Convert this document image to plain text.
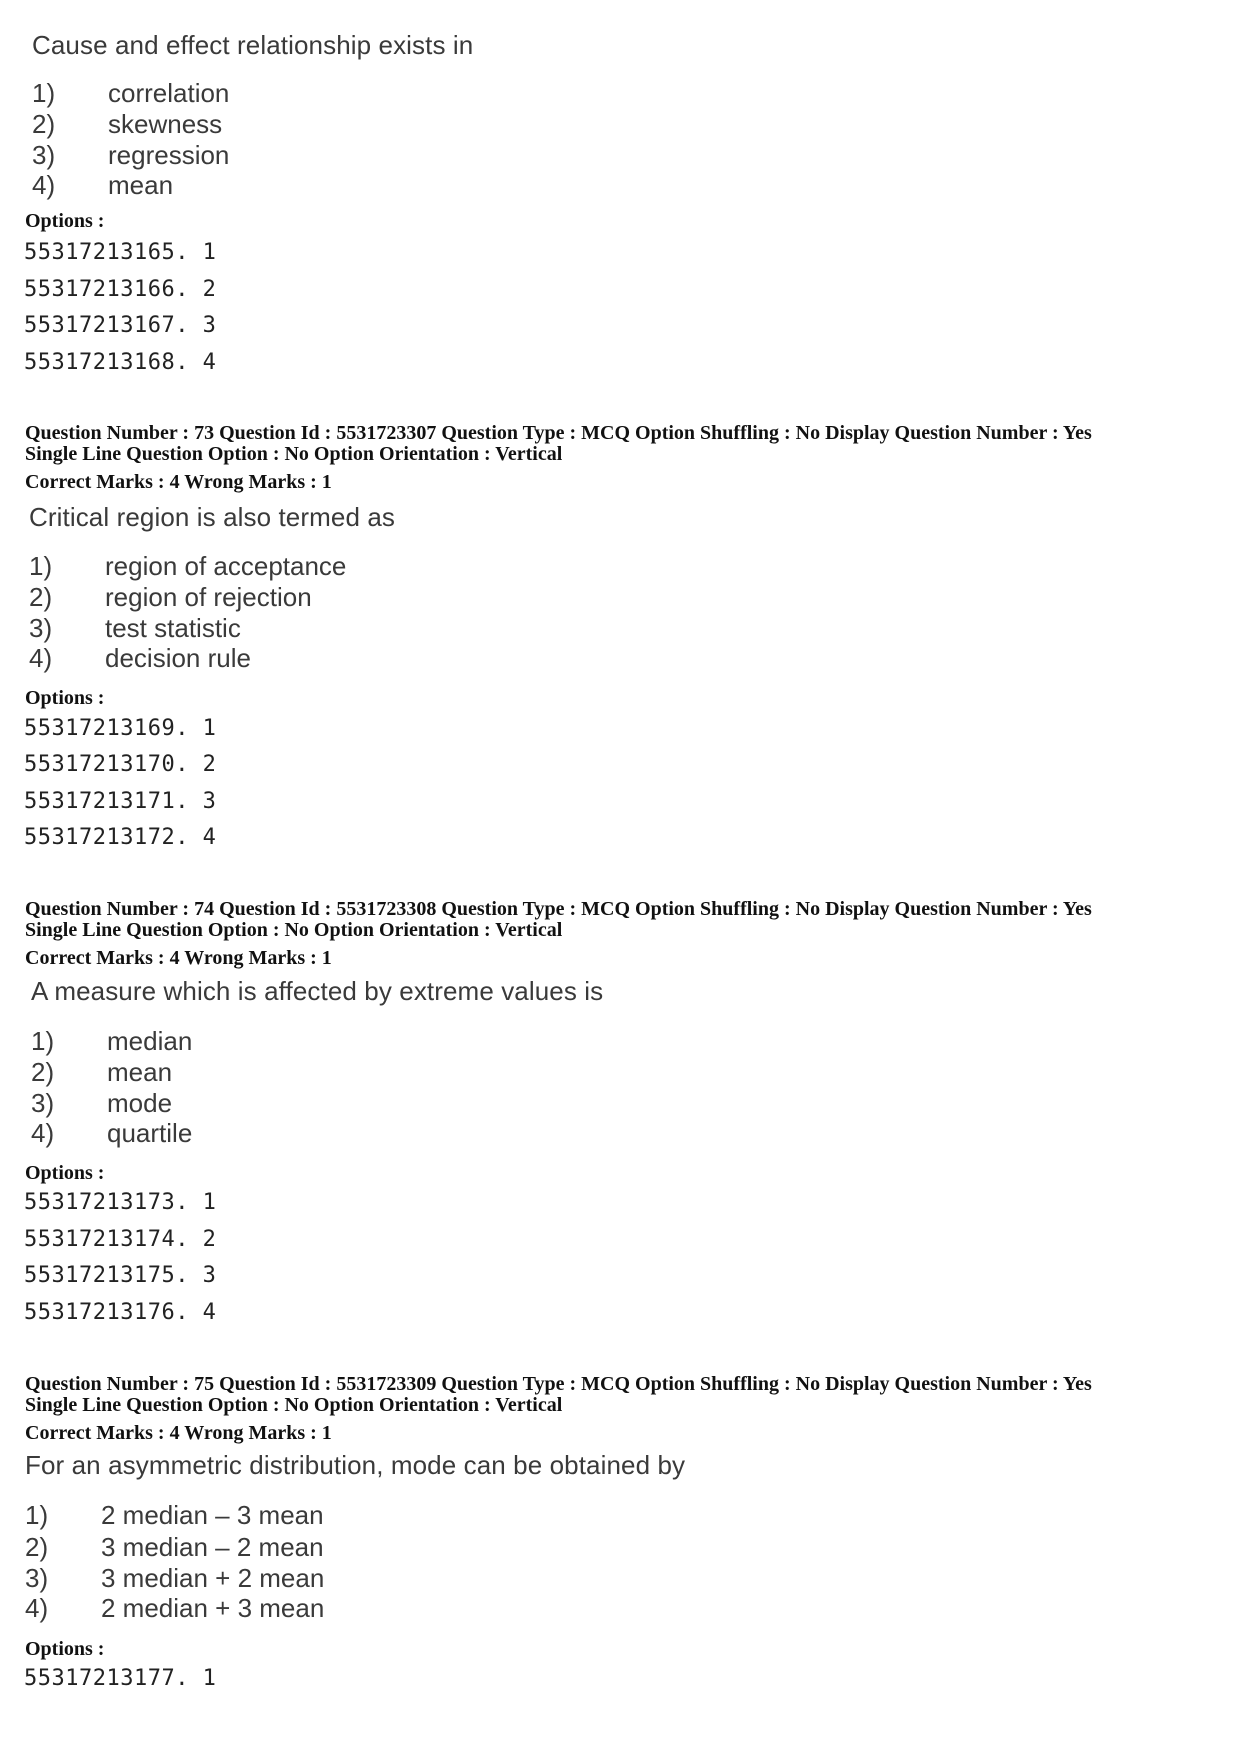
Cause and effect relationship exists in
1) correlation
2) skewness
3) regression
4) mean
Options :
55317213165. 1
55317213166. 2
55317213167. 3
55317213168. 4
Question Number : 73 Question Id : 5531723307 Question Type : MCQ Option Shuffling : No Display Question Number : Yes
Single Line Question Option : No Option Orientation : Vertical
Correct Marks : 4 Wrong Marks : 1
Critical region is also termed as
1) region of acceptance
2) region of rejection
3) test statistic
4) decision rule
Options :
55317213169. 1
55317213170. 2
55317213171. 3
55317213172. 4
Question Number : 74 Question Id : 5531723308 Question Type : MCQ Option Shuffling : No Display Question Number : Yes
Single Line Question Option : No Option Orientation : Vertical
Correct Marks : 4 Wrong Marks : 1
A measure which is affected by extreme values is
1) median
2) mean
3) mode
4) quartile
Options :
55317213173. 1
55317213174. 2
55317213175. 3
55317213176. 4
Question Number : 75 Question Id : 5531723309 Question Type : MCQ Option Shuffling : No Display Question Number : Yes
Single Line Question Option : No Option Orientation : Vertical
Correct Marks : 4 Wrong Marks : 1
For an asymmetric distribution, mode can be obtained by
1) 2 median – 3 mean
2) 3 median – 2 mean
3) 3 median + 2 mean
4) 2 median + 3 mean
Options :
55317213177. 1
